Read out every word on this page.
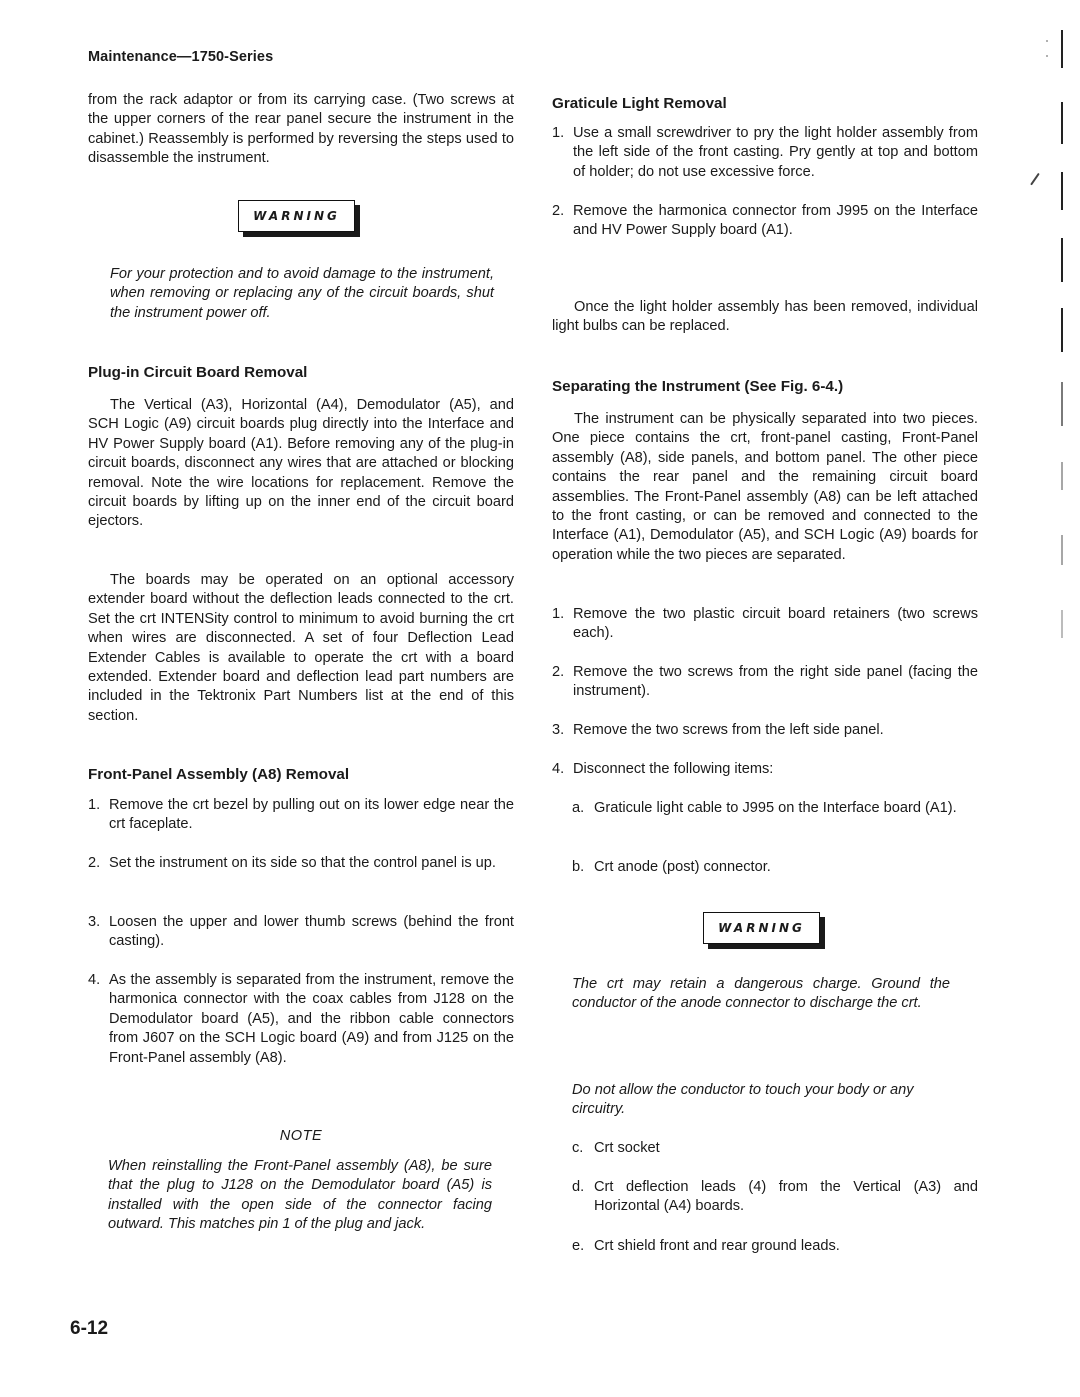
Maintenance—1750-Series

from the rack adaptor or from its carrying case. (Two screws at the upper corners of the rear panel secure the instrument in the cabinet.) Reassembly is performed by reversing the steps used to disassemble the instrument.

WARNING

For your protection and to avoid damage to the instrument, when removing or replacing any of the circuit boards, shut the instrument power off.

Plug-in Circuit Board Removal

The Vertical (A3), Horizontal (A4), Demodulator (A5), and SCH Logic (A9) circuit boards plug directly into the Interface and HV Power Supply board (A1). Before removing any of the plug-in circuit boards, disconnect any wires that are attached or blocking removal. Note the wire locations for replacement. Remove the circuit boards by lifting up on the inner end of the circuit board ejectors.

The boards may be operated on an optional accessory extender board without the deflection leads connected to the crt. Set the crt INTENSity control to minimum to avoid burning the crt when wires are disconnected. A set of four Deflection Lead Extender Cables is available to operate the crt with a board extended. Extender board and deflection lead part numbers are included in the Tektronix Part Numbers list at the end of this section.

Front-Panel Assembly (A8) Removal
1. Remove the crt bezel by pulling out on its lower edge near the crt faceplate.
2. Set the instrument on its side so that the control panel is up.
3. Loosen the upper and lower thumb screws (behind the front casting).
4. As the assembly is separated from the instrument, remove the harmonica connector with the coax cables from J128 on the Demodulator board (A5), and the ribbon cable connectors from J607 on the SCH Logic board (A9) and from J125 on the Front-Panel assembly (A8).
NOTE

When reinstalling the Front-Panel assembly (A8), be sure that the plug to J128 on the Demodulator board (A5) is installed with the open side of the connector facing outward. This matches pin 1 of the plug and jack.

Graticule Light Removal
1. Use a small screwdriver to pry the light holder assembly from the left side of the front casting. Pry gently at top and bottom of holder; do not use excessive force.
2. Remove the harmonica connector from J995 on the Interface and HV Power Supply board (A1).

Once the light holder assembly has been removed, individual light bulbs can be replaced.

Separating the Instrument (See Fig. 6-4.)

The instrument can be physically separated into two pieces. One piece contains the crt, front-panel casting, Front-Panel assembly (A8), side panels, and bottom panel. The other piece contains the rear panel and the remaining circuit board assemblies. The Front-Panel assembly (A8) can be left attached to the front casting, or can be removed and connected to the Interface (A1), Demodulator (A5), and SCH Logic (A9) boards for operation while the two pieces are separated.

1. Remove the two plastic circuit board retainers (two screws each).
2. Remove the two screws from the right side panel (facing the instrument).
3. Remove the two screws from the left side panel.
4. Disconnect the following items:
a. Graticule light cable to J995 on the Interface board (A1).
b. Crt anode (post) connector.
WARNING

The crt may retain a dangerous charge. Ground the conductor of the anode connector to discharge the crt.

Do not allow the conductor to touch your body or any circuitry.

c. Crt socket
d. Crt deflection leads (4) from the Vertical (A3) and Horizontal (A4) boards.
e. Crt shield front and rear ground leads.
6-12
